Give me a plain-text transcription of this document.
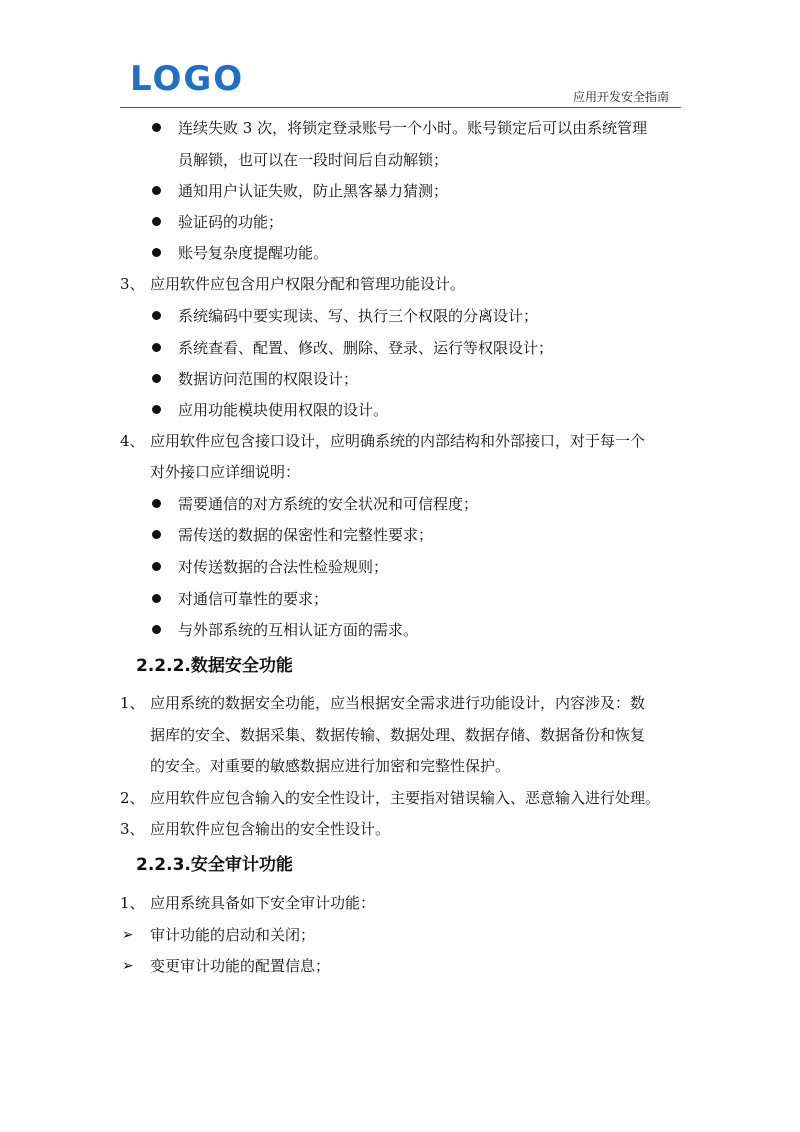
LOGO	应用开发安全指南
连续失败 3 次，将锁定登录账号一个小时。账号锁定后可以由系统管理
员解锁，也可以在一段时间后自动解锁；
通知用户认证失败，防止黑客暴力猜测；
验证码的功能；
账号复杂度提醒功能。
3、 应用软件应包含用户权限分配和管理功能设计。
系统编码中要实现读、写、执行三个权限的分离设计；
系统查看、配置、修改、删除、登录、运行等权限设计；
数据访问范围的权限设计；
应用功能模块使用权限的设计。
4、 应用软件应包含接口设计，应明确系统的内部结构和外部接口，对于每一个
对外接口应详细说明：
需要通信的对方系统的安全状况和可信程度；
需传送的数据的保密性和完整性要求；
对传送数据的合法性检验规则；
对通信可靠性的要求；
与外部系统的互相认证方面的需求。
2.2.2.数据安全功能
1、 应用系统的数据安全功能，应当根据安全需求进行功能设计，内容涉及：数
据库的安全、数据采集、数据传输、数据处理、数据存储、数据备份和恢复
的安全。对重要的敏感数据应进行加密和完整性保护。
2、 应用软件应包含输入的安全性设计，主要指对错误输入、恶意输入进行处理。
3、 应用软件应包含输出的安全性设计。
2.2.3.安全审计功能
1、 应用系统具备如下安全审计功能：
➢ 审计功能的启动和关闭；
➢ 变更审计功能的配置信息；
